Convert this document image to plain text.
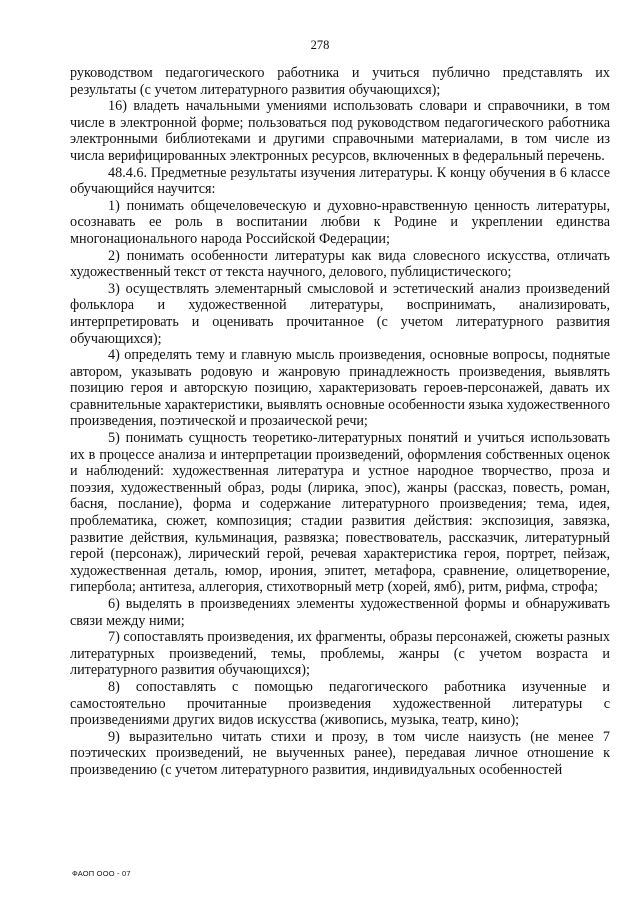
278

руководством педагогического работника и учиться публично представлять их результаты (с учетом литературного развития обучающихся);

16) владеть начальными умениями использовать словари и справочники, в том числе в электронной форме; пользоваться под руководством педагогического работника электронными библиотеками и другими справочными материалами, в том числе из числа верифицированных электронных ресурсов, включенных в федеральный перечень.

48.4.6. Предметные результаты изучения литературы. К концу обучения в 6 классе обучающийся научится:

1) понимать общечеловеческую и духовно-нравственную ценность литературы, осознавать ее роль в воспитании любви к Родине и укреплении единства многонационального народа Российской Федерации;

2) понимать особенности литературы как вида словесного искусства, отличать художественный текст от текста научного, делового, публицистического;

3) осуществлять элементарный смысловой и эстетический анализ произведений фольклора и художественной литературы, воспринимать, анализировать, интерпретировать и оценивать прочитанное (с учетом литературного развития обучающихся);

4) определять тему и главную мысль произведения, основные вопросы, поднятые автором, указывать родовую и жанровую принадлежность произведения, выявлять позицию героя и авторскую позицию, характеризовать героев-персонажей, давать их сравнительные характеристики, выявлять основные особенности языка художественного произведения, поэтической и прозаической речи;

5) понимать сущность теоретико-литературных понятий и учиться использовать их в процессе анализа и интерпретации произведений, оформления собственных оценок и наблюдений: художественная литература и устное народное творчество, проза и поэзия, художественный образ, роды (лирика, эпос), жанры (рассказ, повесть, роман, басня, послание), форма и содержание литературного произведения; тема, идея, проблематика, сюжет, композиция; стадии развития действия: экспозиция, завязка, развитие действия, кульминация, развязка; повествователь, рассказчик, литературный герой (персонаж), лирический герой, речевая характеристика героя, портрет, пейзаж, художественная деталь, юмор, ирония, эпитет, метафора, сравнение, олицетворение, гипербола; антитеза, аллегория, стихотворный метр (хорей, ямб), ритм, рифма, строфа;

6) выделять в произведениях элементы художественной формы и обнаруживать связи между ними;

7) сопоставлять произведения, их фрагменты, образы персонажей, сюжеты разных литературных произведений, темы, проблемы, жанры (с учетом возраста и литературного развития обучающихся);

8) сопоставлять с помощью педагогического работника изученные и самостоятельно прочитанные произведения художественной литературы с произведениями других видов искусства (живопись, музыка, театр, кино);

9) выразительно читать стихи и прозу, в том числе наизусть (не менее 7 поэтических произведений, не выученных ранее), передавая личное отношение к произведению (с учетом литературного развития, индивидуальных особенностей

ФАОП ООО - 07
